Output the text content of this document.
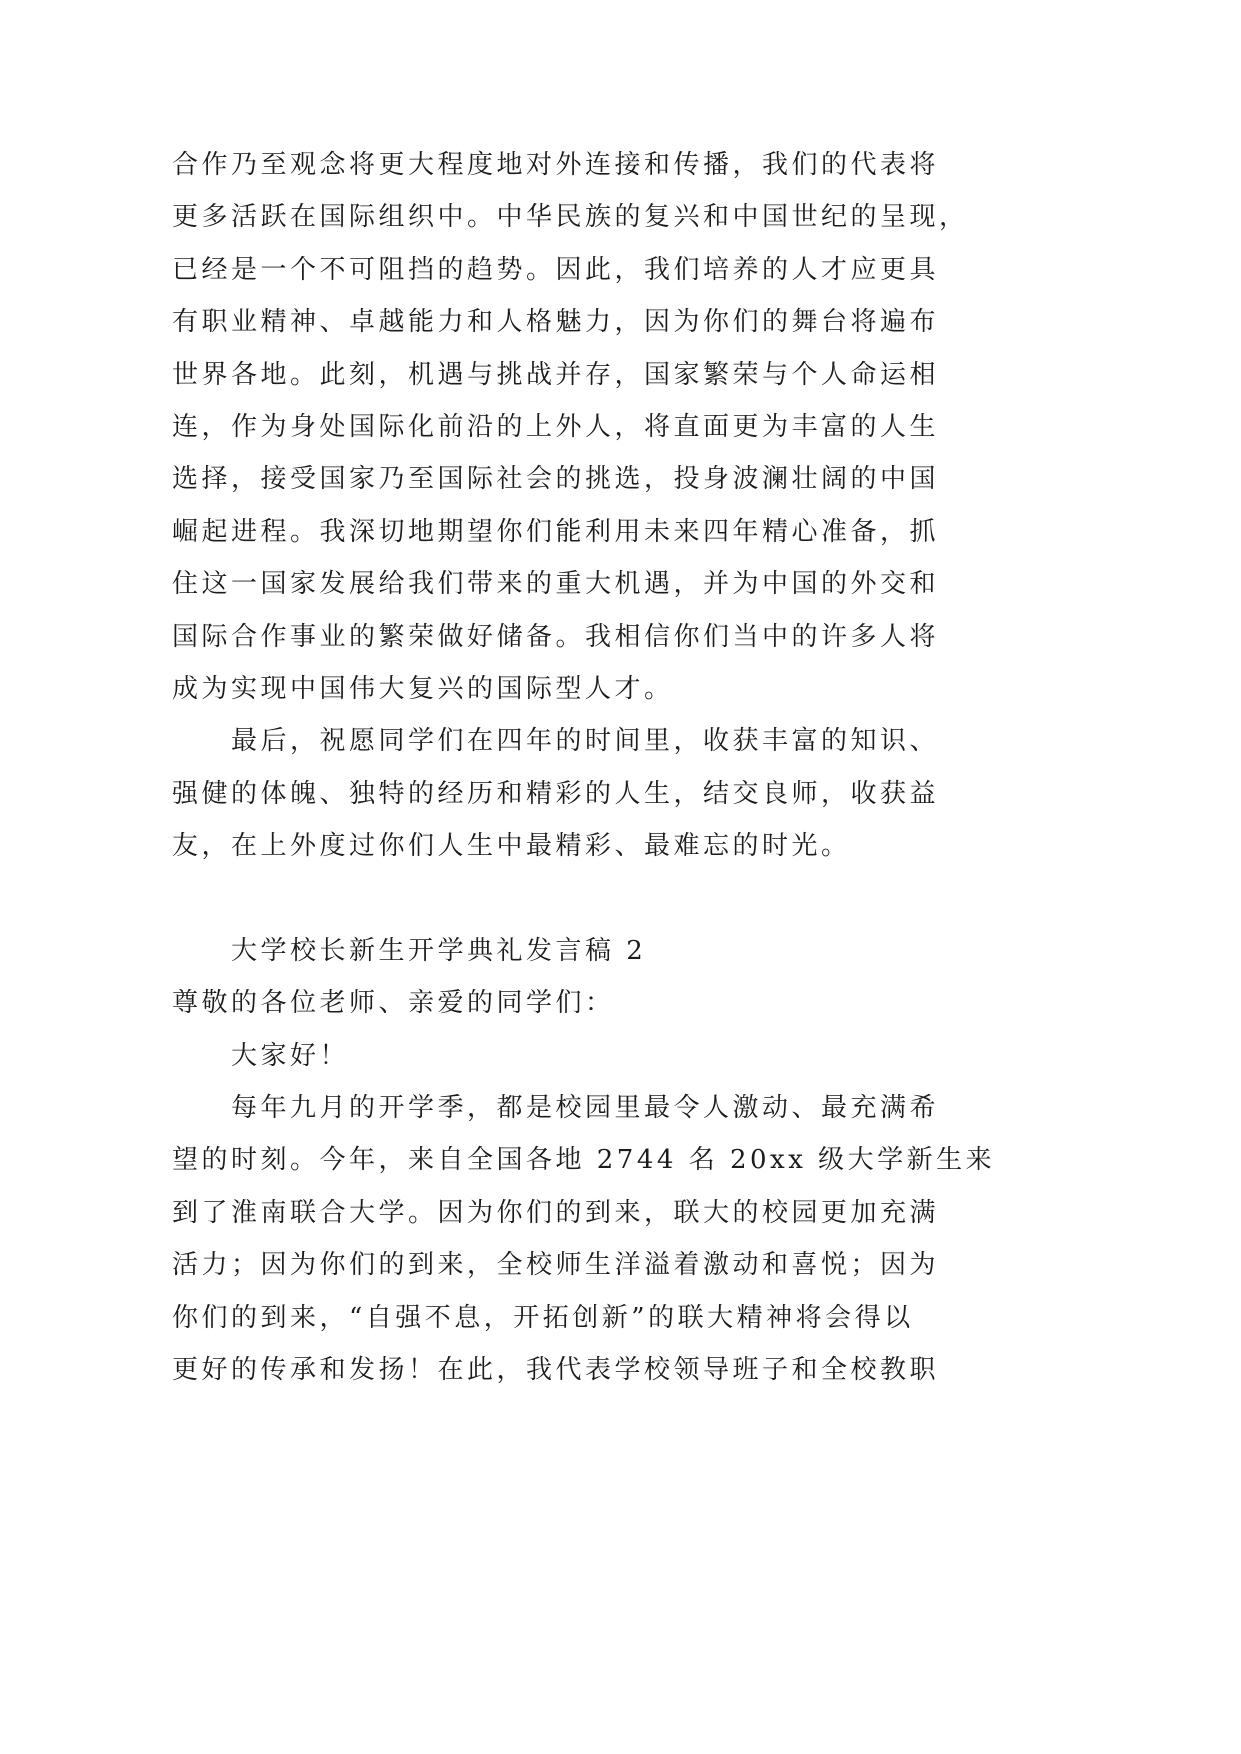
合作乃至观念将更大程度地对外连接和传播，我们的代表将
更多活跃在国际组织中。中华民族的复兴和中国世纪的呈现，
已经是一个不可阻挡的趋势。因此，我们培养的人才应更具
有职业精神、卓越能力和人格魅力，因为你们的舞台将遍布
世界各地。此刻，机遇与挑战并存，国家繁荣与个人命运相
连，作为身处国际化前沿的上外人，将直面更为丰富的人生
选择，接受国家乃至国际社会的挑选，投身波澜壮阔的中国
崛起进程。我深切地期望你们能利用未来四年精心准备，抓
住这一国家发展给我们带来的重大机遇，并为中国的外交和
国际合作事业的繁荣做好储备。我相信你们当中的许多人将
成为实现中国伟大复兴的国际型人才。
最后，祝愿同学们在四年的时间里，收获丰富的知识、
强健的体魄、独特的经历和精彩的人生，结交良师，收获益
友，在上外度过你们人生中最精彩、最难忘的时光。
大学校长新生开学典礼发言稿 2
尊敬的各位老师、亲爱的同学们：
大家好！
每年九月的开学季，都是校园里最令人激动、最充满希
望的时刻。今年，来自全国各地 2744 名 20xx 级大学新生来
到了淮南联合大学。因为你们的到来，联大的校园更加充满
活力；因为你们的到来，全校师生洋溢着激动和喜悦；因为
你们的到来，“自强不息，开拓创新”的联大精神将会得以
更好的传承和发扬！在此，我代表学校领导班子和全校教职
